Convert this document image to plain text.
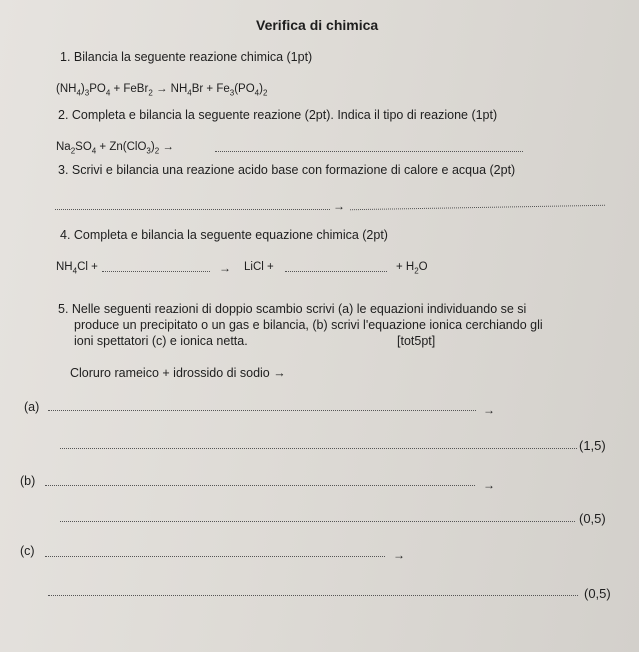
Verifica di chimica
1. Bilancia la seguente reazione chimica (1pt)
$(NH_4)_3PO_4$ + FeBr$_2$ → $NH_4Br + Fe_3(PO_4)_2$
2. Completa e bilancia la seguente reazione (2pt). Indica il tipo di reazione (1pt)
$Na_2SO_4 + Zn(ClO_3)_2$ →
3. Scrivi e bilancia una reazione acido base con formazione di calore e acqua (2pt)
→
4. Completa e bilancia la seguente equazione chimica (2pt)
$NH_4Cl$ +	→ LiCl +	+ $H_2O$
5. Nelle seguenti reazioni di doppio scambio scrivi (a) le equazioni individuando se si
produce un precipitato o un gas e bilancia, (b) scrivi l'equazione ionica cerchiando gli
ioni spettatori (c) e ionica netta.	[tot5pt]
Cloruro rameico + idrossido di sodio →
(a)	→
(1,5)
(b)	→
(0,5)
(c)	→
(0,5)
